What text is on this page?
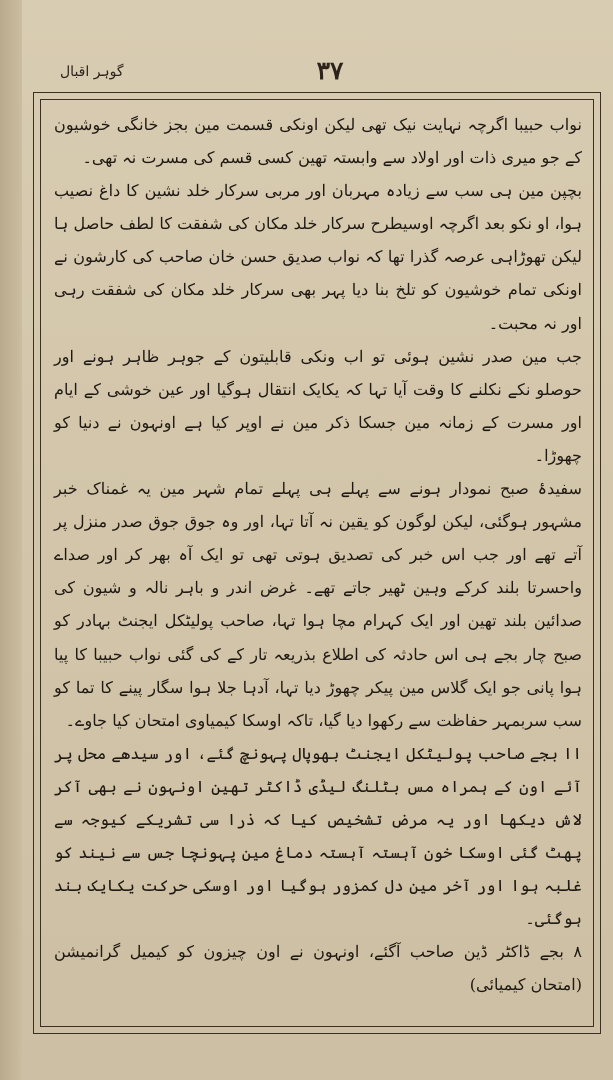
۳۷
گوہر اقبال

نواب حبیبا اگرچہ نہایت نیک تھی لیکن اونکی قسمت مین بجز خانگی خوشیون کے جو میری ذات اور اولاد سے وابستہ تھین کسی قسم کی مسرت نہ تھی۔

بچپن مین ہی سب سے زیادہ مہربان اور مربی سرکار خلد نشین کا داغ نصیب ہوا، او نکو بعد اگرچہ اوسیطرح سرکار خلد مکان کی شفقت کا لطف حاصل ہا لیکن تھوڑاہی عرصہ گذرا تھا کہ نواب صدیق حسن خان صاحب کی کارشون نے اونکی تمام خوشیون کو تلخ بنا دیا پہر بھی سرکار خلد مکان کی شفقت رہی اور نہ محبت۔

جب مین صدر نشین ہوئی تو اب ونکی قابلیتون کے جوہر ظاہر ہونے اور حوصلو نکے نکلنے کا وقت آیا تہا کہ یکایک انتقال ہوگیا اور عین خوشی کے ایام اور مسرت کے زمانہ مین جسکا ذکر مین نے اوپر کیا ہے اونہون نے دنیا کو چھوڑا۔

سفیدۂ صبح نمودار ہونے سے پہلے ہی پہلے تمام شہر مین یہ غمناک خبر مشہور ہوگئی، لیکن لوگون کو یقین نہ آتا تہا، اور وہ جوق جوق صدر منزل پر آتے تھے اور جب اس خبر کی تصدیق ہوتی تھی تو ایک آہ بھر کر اور صداے واحسرتا بلند کرکے وہین ٹھیر جاتے تھے۔ غرض اندر و باہر نالہ و شیون کی صدائین بلند تھین اور ایک کہرام مچا ہوا تہا، صاحب پولیٹکل ایجنٹ بہادر کو صبح چار بجے ہی اس حادثہ کی اطلاع بذریعہ تار کے کی گئی نواب حبیبا کا پیا ہوا پانی جو ایک گلاس مین پیکر چھوڑ دیا تہا، آدہا جلا ہوا سگار پینے کا تما کو سب سربمہر حفاظت سے رکھوا دیا گیا، تاکہ اوسکا کیمیاوی امتحان کیا جاوے۔

اا بجے صاحب پولیٹکل ایجنٹ بھوپال پہونچ گئے، اور سیدھے محل پر آئے اون کے ہمراہ مس بٹلنگ لیڈی ڈاکٹر تھین اونہون نے بھی آکر لاش دیکھا اور یہ مرض تشخیص کیا کہ ذرا سی تشریکے کیوجہ سے پھٹ گئی اوسکا خون آہستہ آہستہ دماغ مین پہونچا جس سے نیند کو غلبہ ہوا اور آخر مین دل کمزور ہوگیا اور اوسکی حرکت یکایک بند ہوگئی۔

۸ بجے ڈاکٹر ڈین صاحب آگئے، اونہون نے اون چیزون کو کیمیل گرانمیشن (امتحان کیمیائی)
